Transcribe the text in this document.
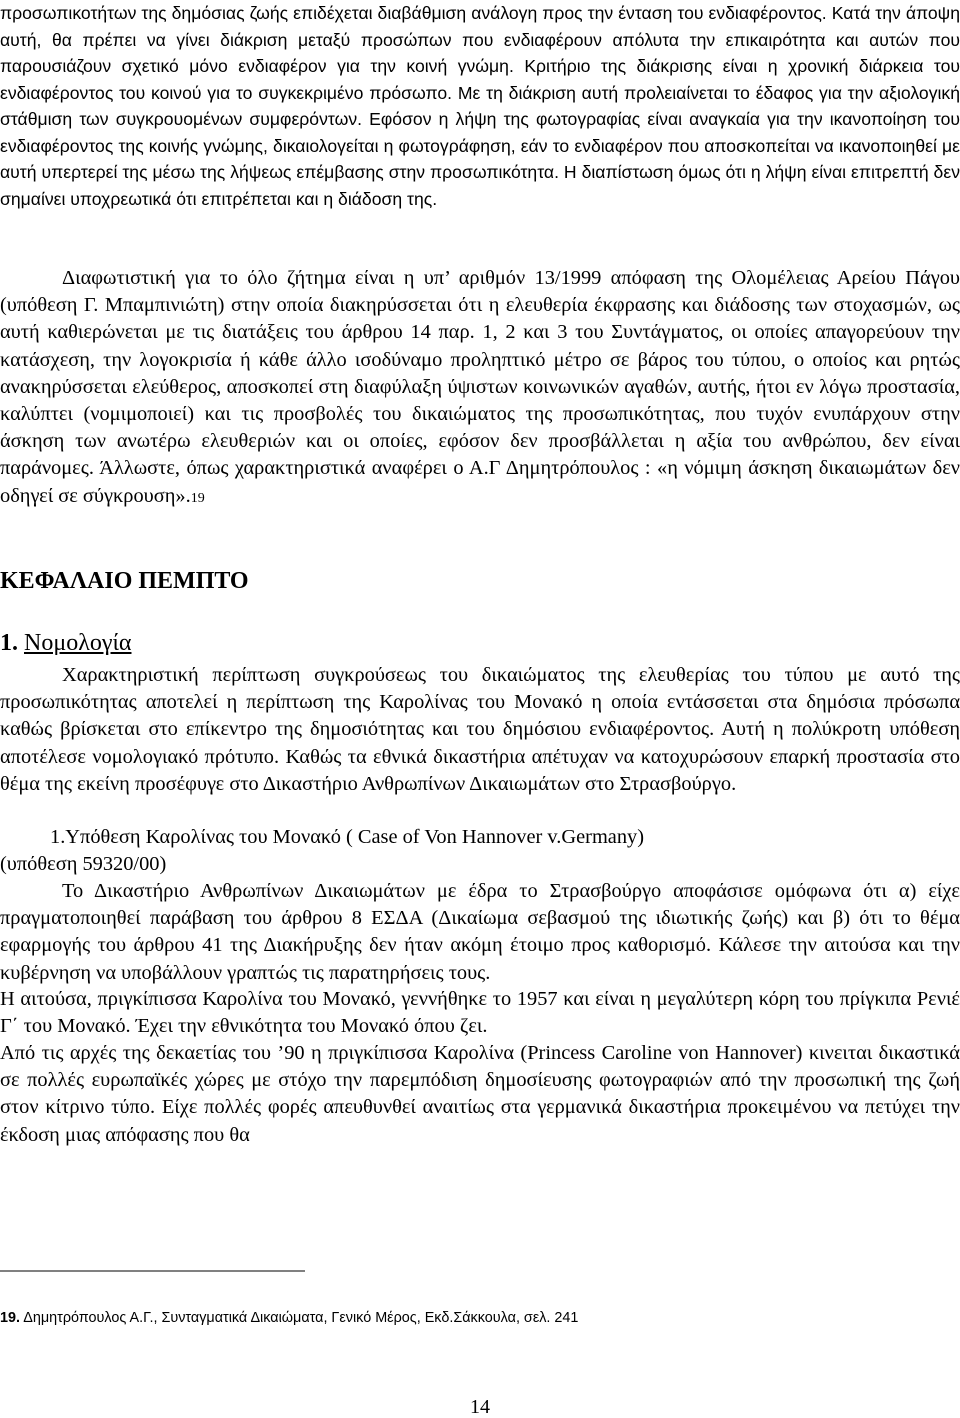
προσωπικοτήτων της δημόσιας ζωής επιδέχεται διαβάθμιση ανάλογη προς την ένταση του ενδιαφέροντος. Κατά την άποψη αυτή, θα πρέπει να γίνει διάκριση μεταξύ προσώπων που ενδιαφέρουν απόλυτα την επικαιρότητα και αυτών που παρουσιάζουν σχετικό μόνο ενδιαφέρον για την κοινή γνώμη. Κριτήριο της διάκρισης είναι η χρονική διάρκεια του ενδιαφέροντος του κοινού για το συγκεκριμένο πρόσωπο. Με τη διάκριση αυτή προλειαίνεται το έδαφος για την αξιολογική στάθμιση των συγκρουομένων συμφερόντων. Εφόσον η λήψη της φωτογραφίας είναι αναγκαία για την ικανοποίηση του ενδιαφέροντος της κοινής γνώμης, δικαιολογείται η φωτογράφηση, εάν το ενδιαφέρον που αποσκοπείται να ικανοποιηθεί με αυτή υπερτερεί της μέσω της λήψεως επέμβασης στην προσωπικότητα. Η διαπίστωση όμως ότι η λήψη είναι επιτρεπτή δεν σημαίνει υποχρεωτικά ότι επιτρέπεται και η διάδοση της.

Διαφωτιστική για το όλο ζήτημα είναι η υπ’ αριθμόν 13/1999 απόφαση της Ολομέλειας Αρείου Πάγου (υπόθεση Γ. Μπαμπινιώτη) στην οποία διακηρύσσεται ότι η ελευθερία έκφρασης και διάδοσης των στοχασμών, ως αυτή καθιερώνεται με τις διατάξεις του άρθρου 14 παρ. 1, 2 και 3 του Συντάγματος, οι οποίες απαγορεύουν την κατάσχεση, την λογοκρισία ή κάθε άλλο ισοδύναμο προληπτικό μέτρο σε βάρος του τύπου, ο οποίος και ρητώς ανακηρύσσεται ελεύθερος, αποσκοπεί στη διαφύλαξη ύψιστων κοινωνικών αγαθών, αυτής, ήτοι εν λόγω προστασία, καλύπτει (νομιμοποιεί) και τις προσβολές του δικαιώματος της προσωπικότητας, που τυχόν ενυπάρχουν στην άσκηση των ανωτέρω ελευθεριών και οι οποίες, εφόσον δεν προσβάλλεται η αξία του ανθρώπου, δεν είναι παράνομες. Άλλωστε, όπως χαρακτηριστικά αναφέρει ο Α.Γ Δημητρόπουλος : «η νόμιμη άσκηση δικαιωμάτων δεν οδηγεί σε σύγκρουση».19

ΚΕΦΑΛΑΙΟ ΠΕΜΠΤΟ
1. Νομολογία

Χαρακτηριστική περίπτωση συγκρούσεως του δικαιώματος της ελευθερίας του τύπου με αυτό της προσωπικότητας αποτελεί η περίπτωση της Καρολίνας του Μονακό η οποία εντάσσεται στα δημόσια πρόσωπα καθώς βρίσκεται στο επίκεντρο της δημοσιότητας και του δημόσιου ενδιαφέροντος. Αυτή η πολύκροτη υπόθεση αποτέλεσε νομολογιακό πρότυπο. Καθώς τα εθνικά δικαστήρια απέτυχαν να κατοχυρώσουν επαρκή προστασία στο θέμα της εκείνη προσέφυγε στο Δικαστήριο Ανθρωπίνων Δικαιωμάτων στο Στρασβούργο.

1.Υπόθεση Καρολίνας του Μονακό ( Case of Von Hannover v.Germany)

(υπόθεση 59320/00)

Το Δικαστήριο Ανθρωπίνων Δικαιωμάτων με έδρα το Στρασβούργο αποφάσισε ομόφωνα ότι α) είχε πραγματοποιηθεί παράβαση του άρθρου 8 ΕΣΔΑ (Δικαίωμα σεβασμού της ιδιωτικής ζωής) και β) ότι το θέμα εφαρμογής του άρθρου 41 της Διακήρυξης δεν ήταν ακόμη έτοιμο προς καθορισμό. Κάλεσε την αιτούσα και την κυβέρνηση να υποβάλλουν γραπτώς τις παρατηρήσεις τους.

Η αιτούσα, πριγκίπισσα Καρολίνα του Μονακό, γεννήθηκε το 1957 και είναι η μεγαλύτερη κόρη του πρίγκιπα Ρενιέ Γ΄ του Μονακό. Έχει την εθνικότητα του Μονακό όπου ζει.

Από τις αρχές της δεκαετίας του ’90 η πριγκίπισσα Καρολίνα (Princess Caroline von Hannover) κινειται δικαστικά σε πολλές ευρωπαϊκές χώρες με στόχο την παρεμπόδιση δημοσίευσης φωτογραφιών από την προσωπική της ζωή στον κίτρινο τύπο. Είχε πολλές φορές απευθυνθεί αναιτίως στα γερμανικά δικαστήρια προκειμένου να πετύχει την έκδοση μιας απόφασης που θα

19. Δημητρόπουλος Α.Γ., Συνταγματικά Δικαιώματα, Γενικό Μέρος, Εκδ.Σάκκουλα, σελ. 241

14
